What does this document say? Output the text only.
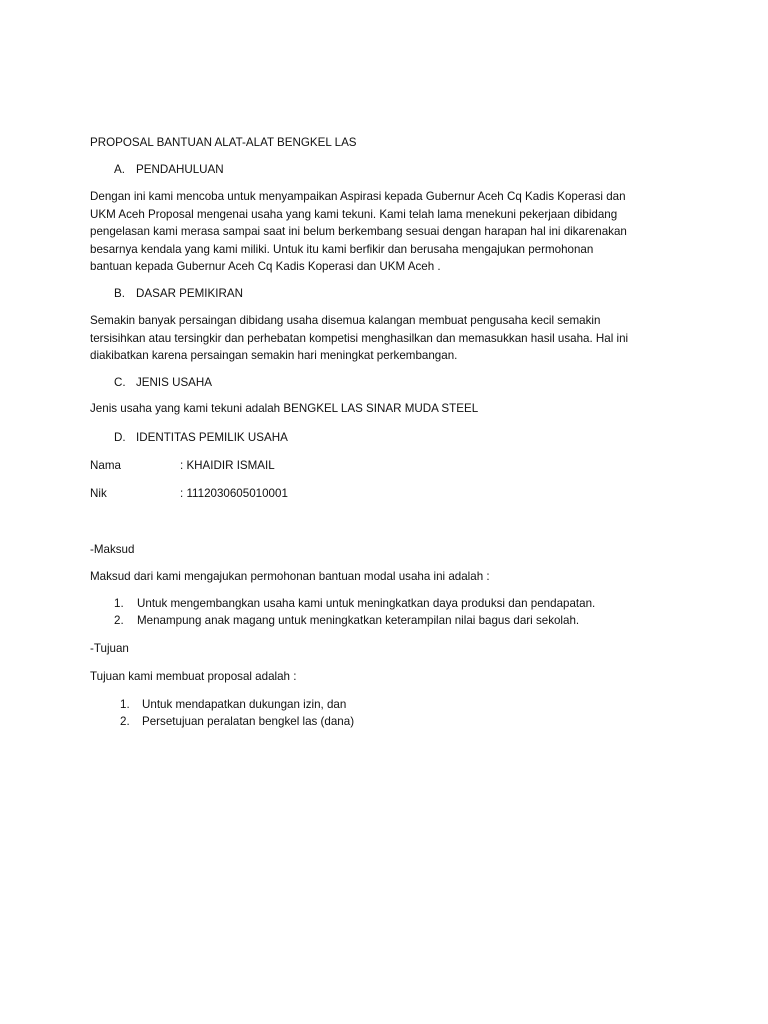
PROPOSAL BANTUAN ALAT-ALAT BENGKEL LAS
A. PENDAHULUAN
Dengan ini kami mencoba untuk menyampaikan Aspirasi kepada Gubernur Aceh Cq Kadis Koperasi dan
UKM Aceh Proposal mengenai usaha yang kami tekuni. Kami telah lama menekuni pekerjaan dibidang
pengelasan kami merasa sampai saat ini belum berkembang sesuai dengan harapan hal ini dikarenakan
besarnya kendala yang kami miliki. Untuk itu kami berfikir dan berusaha mengajukan permohonan
bantuan kepada Gubernur Aceh Cq Kadis Koperasi dan UKM Aceh .
B. DASAR PEMIKIRAN
Semakin banyak persaingan dibidang usaha disemua kalangan membuat pengusaha kecil semakin
tersisihkan atau tersingkir dan perhebatan kompetisi menghasilkan dan memasukkan hasil usaha. Hal ini
diakibatkan karena persaingan semakin hari meningkat perkembangan.
C. JENIS USAHA
Jenis usaha yang kami tekuni adalah BENGKEL LAS SINAR MUDA STEEL
D. IDENTITAS PEMILIK USAHA
Nama	: KHAIDIR ISMAIL
Nik	: 1112030605010001
-Maksud
Maksud dari kami mengajukan permohonan bantuan modal usaha ini adalah :
1. Untuk mengembangkan usaha kami untuk meningkatkan daya produksi dan pendapatan.
2. Menampung anak magang untuk meningkatkan keterampilan nilai bagus dari sekolah.
-Tujuan
Tujuan kami membuat proposal adalah :
1. Untuk mendapatkan dukungan izin, dan
2. Persetujuan peralatan bengkel las (dana)
